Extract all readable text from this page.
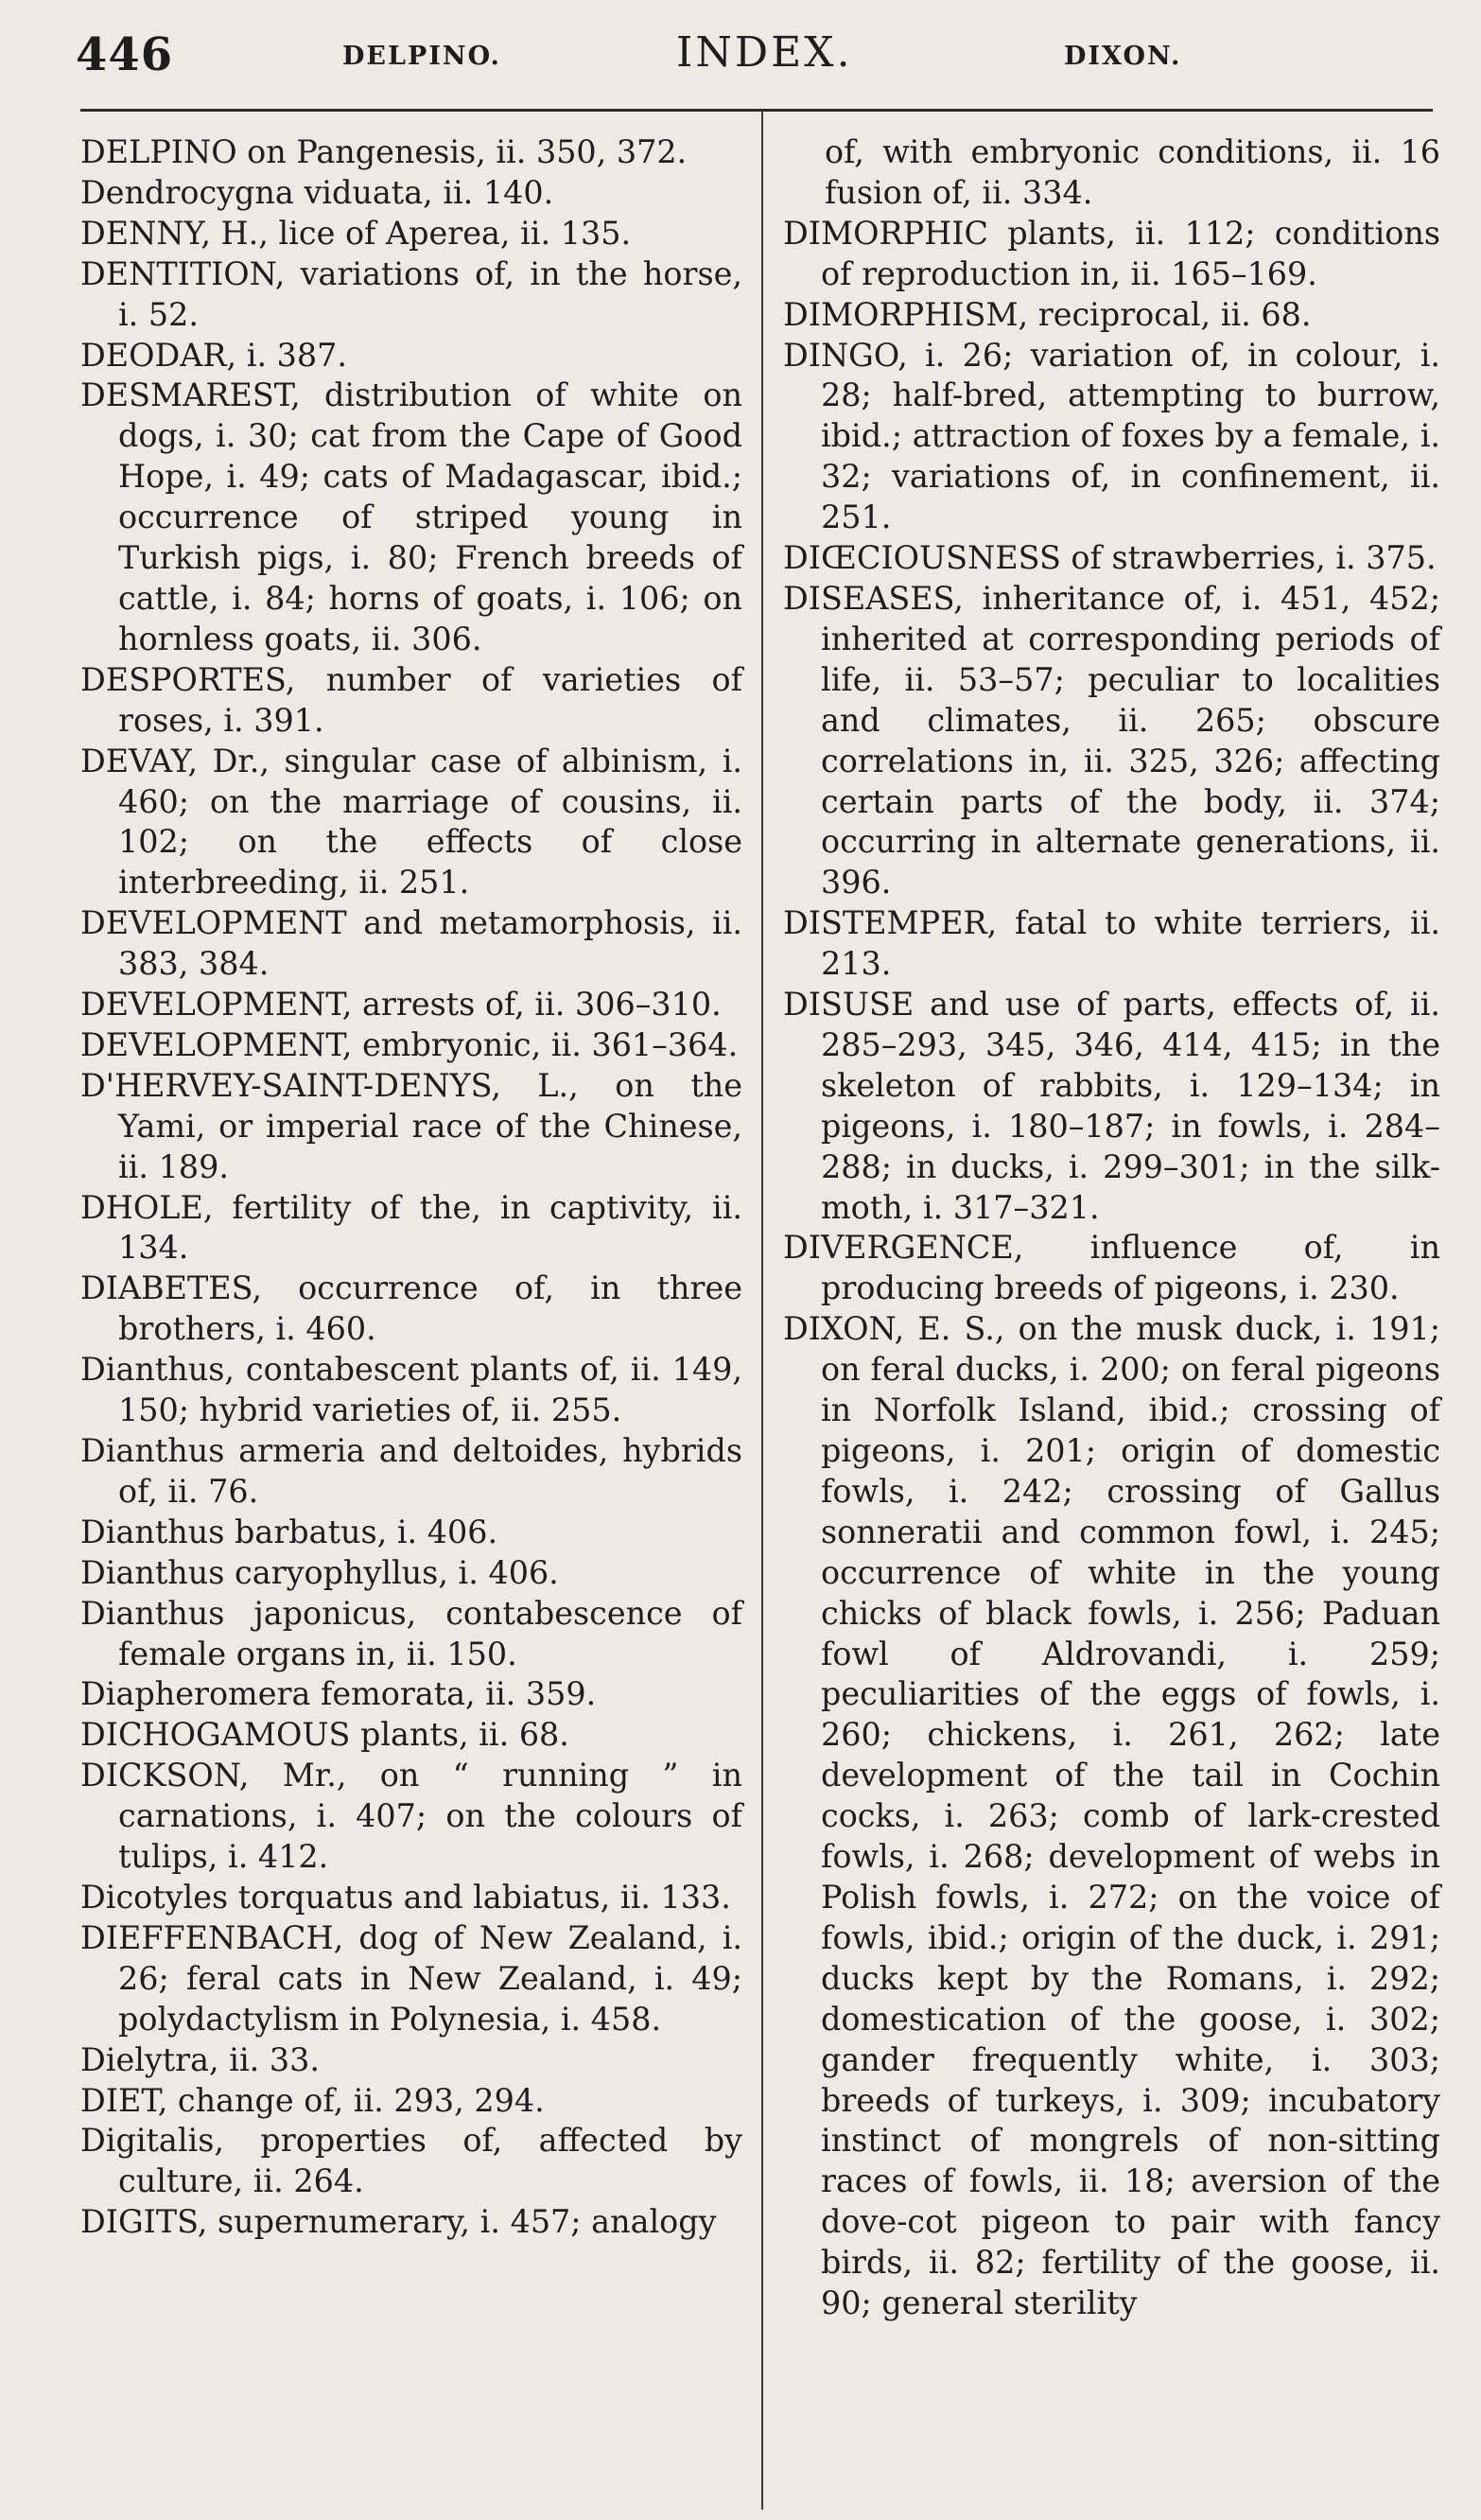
446	DELPINO.	INDEX.	DIXON.
DELPINO on Pangenesis, ii. 350, 372.
Dendrocygna viduata, ii. 140.
DENNY, H., lice of Aperea, ii. 135.
DENTITION, variations of, in the horse, i. 52.
DEODAR, i. 387.
DESMAREST, distribution of white on dogs, i. 30; cat from the Cape of Good Hope, i. 49; cats of Madagascar, ibid.; occurrence of striped young in Turkish pigs, i. 80; French breeds of cattle, i. 84; horns of goats, i. 106; on hornless goats, ii. 306.
DESPORTES, number of varieties of roses, i. 391.
DEVAY, Dr., singular case of albinism, i. 460; on the marriage of cousins, ii. 102; on the effects of close interbreeding, ii. 251.
DEVELOPMENT and metamorphosis, ii. 383, 384.
DEVELOPMENT, arrests of, ii. 306–310.
DEVELOPMENT, embryonic, ii. 361–364.
D'HERVEY-SAINT-DENYS, L., on the Yami, or imperial race of the Chinese, ii. 189.
DHOLE, fertility of the, in captivity, ii. 134.
DIABETES, occurrence of, in three brothers, i. 460.
Dianthus, contabescent plants of, ii. 149, 150; hybrid varieties of, ii. 255.
Dianthus armeria and deltoides, hybrids of, ii. 76.
Dianthus barbatus, i. 406.
Dianthus caryophyllus, i. 406.
Dianthus japonicus, contabescence of female organs in, ii. 150.
Diapheromera femorata, ii. 359.
DICHOGAMOUS plants, ii. 68.
DICKSON, Mr., on “ running ” in carnations, i. 407; on the colours of tulips, i. 412.
Dicotyles torquatus and labiatus, ii. 133.
DIEFFENBACH, dog of New Zealand, i. 26; feral cats in New Zealand, i. 49; polydactylism in Polynesia, i. 458.
Dielytra, ii. 33.
DIET, change of, ii. 293, 294.
Digitalis, properties of, affected by culture, ii. 264.
DIGITS, supernumerary, i. 457; analogy
of, with embryonic conditions, ii. 16 fusion of, ii. 334.
DIMORPHIC plants, ii. 112; conditions of reproduction in, ii. 165–169.
DIMORPHISM, reciprocal, ii. 68.
DINGO, i. 26; variation of, in colour, i. 28; half-bred, attempting to burrow, ibid.; attraction of foxes by a female, i. 32; variations of, in confinement, ii. 251.
DIŒCIOUSNESS of strawberries, i. 375.
DISEASES, inheritance of, i. 451, 452; inherited at corresponding periods of life, ii. 53–57; peculiar to localities and climates, ii. 265; obscure correlations in, ii. 325, 326; affecting certain parts of the body, ii. 374; occurring in alternate generations, ii. 396.
DISTEMPER, fatal to white terriers, ii. 213.
DISUSE and use of parts, effects of, ii. 285–293, 345, 346, 414, 415; in the skeleton of rabbits, i. 129–134; in pigeons, i. 180–187; in fowls, i. 284–288; in ducks, i. 299–301; in the silk-moth, i. 317–321.
DIVERGENCE, influence of, in producing breeds of pigeons, i. 230.
DIXON, E. S., on the musk duck, i. 191; on feral ducks, i. 200; on feral pigeons in Norfolk Island, ibid.; crossing of pigeons, i. 201; origin of domestic fowls, i. 242; crossing of Gallus sonneratii and common fowl, i. 245; occurrence of white in the young chicks of black fowls, i. 256; Paduan fowl of Aldrovandi, i. 259; peculiarities of the eggs of fowls, i. 260; chickens, i. 261, 262; late development of the tail in Cochin cocks, i. 263; comb of lark-crested fowls, i. 268; development of webs in Polish fowls, i. 272; on the voice of fowls, ibid.; origin of the duck, i. 291; ducks kept by the Romans, i. 292; domestication of the goose, i. 302; gander frequently white, i. 303; breeds of turkeys, i. 309; incubatory instinct of mongrels of non-sitting races of fowls, ii. 18; aversion of the dove-cot pigeon to pair with fancy birds, ii. 82; fertility of the goose, ii. 90; general sterility
